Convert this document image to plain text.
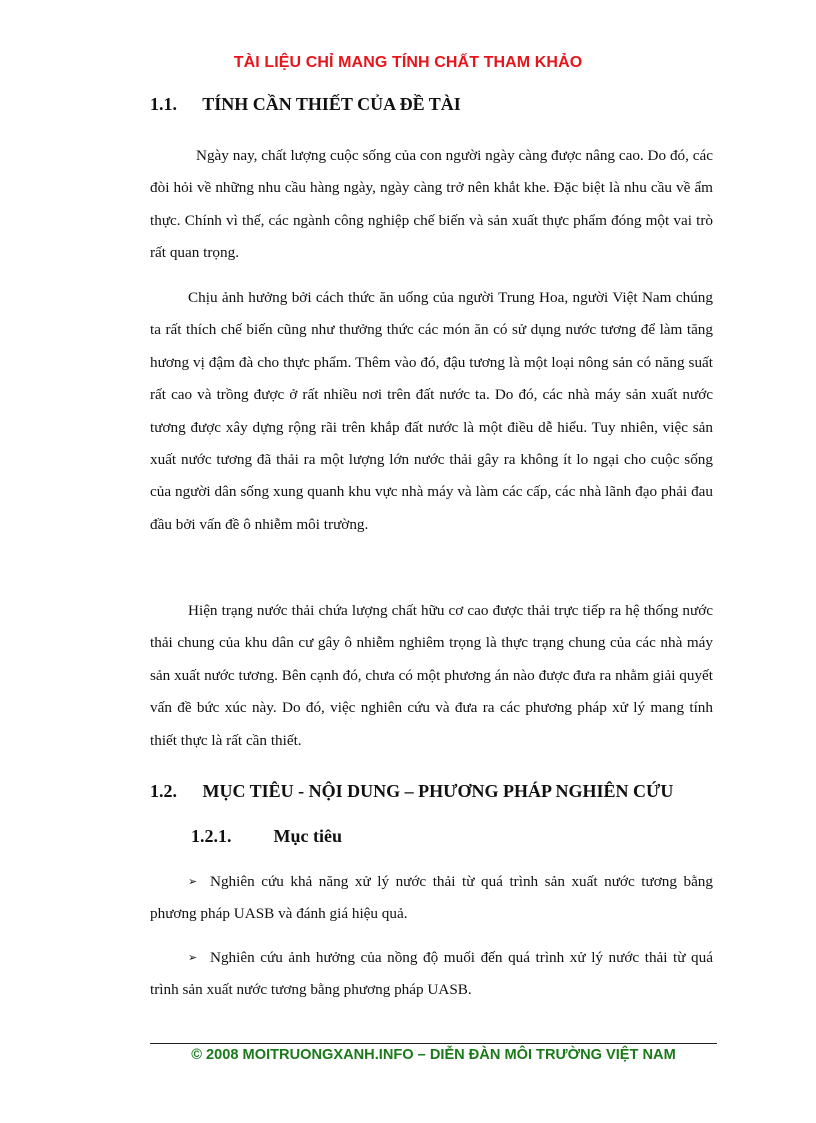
TÀI LIỆU CHỈ MANG TÍNH CHẤT THAM KHẢO
1.1. TÍNH CẦN THIẾT CỦA ĐỀ TÀI

Ngày nay, chất lượng cuộc sống của con người ngày càng được nâng cao. Do đó, các đòi hỏi về những nhu cầu hàng ngày, ngày càng trở nên khắt khe. Đặc biệt là nhu cầu về ẩm thực. Chính vì thế, các ngành công nghiệp chế biến và sản xuất thực phẩm đóng một vai trò rất quan trọng.

Chịu ảnh hưởng bởi cách thức ăn uống của người Trung Hoa, người Việt Nam chúng ta rất thích chế biến cũng như thưởng thức các món ăn có sử dụng nước tương để làm tăng hương vị đậm đà cho thực phẩm. Thêm vào đó, đậu tương là một loại nông sản có năng suất rất cao và trồng được ở rất nhiều nơi trên đất nước ta. Do đó, các nhà máy sản xuất nước tương được xây dựng rộng rãi trên khắp đất nước là một điều dễ hiểu. Tuy nhiên, việc sản xuất nước tương đã thải ra một lượng lớn nước thải gây ra không ít lo ngại cho cuộc sống của người dân sống xung quanh khu vực nhà máy và làm các cấp, các nhà lãnh đạo phải đau đầu bởi vấn đề ô nhiễm môi trường.

Hiện trạng nước thải chứa lượng chất hữu cơ cao được thải trực tiếp ra hệ thống nước thải chung của khu dân cư gây ô nhiễm nghiêm trọng là thực trạng chung của các nhà máy sản xuất nước tương. Bên cạnh đó, chưa có một phương án nào được đưa ra nhằm giải quyết vấn đề bức xúc này. Do đó, việc nghiên cứu và đưa ra các phương pháp xử lý mang tính thiết thực là rất cần thiết.

1.2. MỤC TIÊU - NỘI DUNG – PHƯƠNG PHÁP NGHIÊN CỨU
1.2.1. Mục tiêu

➢ Nghiên cứu khả năng xử lý nước thải từ quá trình sản xuất nước tương bằng phương pháp UASB và đánh giá hiệu quả.

➢ Nghiên cứu ảnh hưởng của nồng độ muối đến quá trình xử lý nước thải từ quá trình sản xuất nước tương bằng phương pháp UASB.

© 2008 MOITRUONGXANH.INFO – DIỄN ĐÀN MÔI TRƯỜNG VIỆT NAM
